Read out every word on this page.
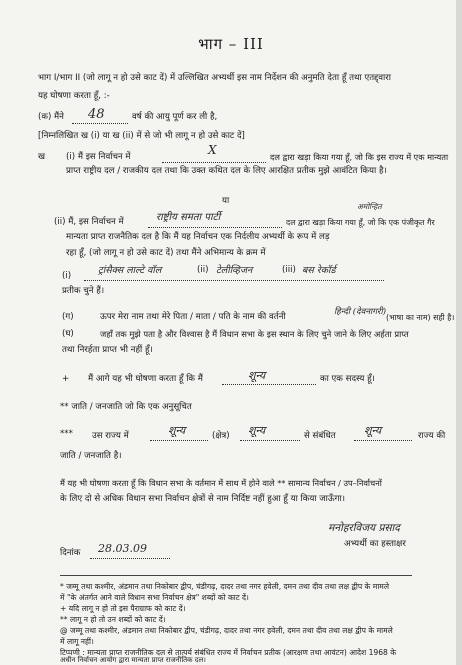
भाग – III
भाग I/भाग II (जो लागू न हो उसे काट दें) में उल्लिखित अभ्यर्थी इस नाम निर्देशन की अनुमति देता हूँ तथा एतद्द्वारा
यह घोषणा करता हूँ, :-
(क) मैंने 48	वर्ष की आयु पूर्ण कर ली है,
[निम्नलिखित ख (i) या ख (ii) में से जो भी लागू न हो उसे काट दें]
ख (i) मैं इस निर्वाचन में	X	दल द्वारा खड़ा किया गया हूँ, जो कि इस राज्य में एक मान्यता
प्राप्त राष्ट्रीय दल / राजकीय दल तथा कि उक्त कथित दल के लिए आरक्षित प्रतीक मुझे आवंटित किया है।
या
अमोन्हित
(ii) मैं, इस निर्वाचन में	राष्ट्रीय समता पार्टी	दल द्वारा खड़ा किया गया हूँ, जो कि एक पंजीकृत गैर
मान्यता प्राप्त राजनैतिक दल है कि मैं यह निर्वाचन एक निर्दलीय अभ्यर्थी के रूप में लड़
रहा हूँ, (जो लागू न हो उसे काट दें) तथा मैंने अभिमान्य के क्रम में
(i)	ट्रांसैक्स लाल्टे वॉल	(ii) टेलीव्हिजन	(iii) बस रेकॉर्ड
प्रतीक चुने हैं।
(ग)	ऊपर मेरा नाम तथा मेरे पिता / माता / पति के नाम की वर्तनी	हिन्दी (देवनागरी)
(भाषा का नाम) सही है।
(घ)	जहाँ तक मुझे पता है और विश्वास है मैं विधान सभा के इस स्थान के लिए चुने जाने के लिए अर्हता प्राप्त
तथा निरर्हता प्राप्त भी नहीं हूँ।
+ मैं आगे यह भी घोषणा करता हूँ कि मैं	शून्य	का एक सदस्य हूँ।
** जाति / जनजाति जो कि एक अनुसूचित
*** उस राज्य में	शून्य	(क्षेत्र) शून्य	से संबंधित	शून्य	राज्य की
जाति / जनजाति है।
मैं यह भी घोषणा करता हूँ कि विधान सभा के वर्तमान में साथ में होने वाले ** सामान्य निर्वाचन / उप–निर्वाचनों
के लिए दो से अधिक विधान सभा निर्वाचन क्षेत्रों से नाम निर्दिष्ट नहीं हुआ हूँ या किया जाऊँगा।
मनोहरविजय प्रसाद
अभ्यर्थी का हस्ताक्षर
दिनांक 28.03.09
* जम्मू तथा कश्मीर, अंडमान तथा निकोबार द्वीप, चंडीगढ़, दादर तथा नगर हवेली, दमन तथा दीव तथा लक्ष द्वीप के मामले
में "के अंतर्गत आने वाले विधान सभा निर्वाचन क्षेत्र" शब्दों को काट दें।
+ यदि लागू न हो तो इस पैराग्राफ को काट दें।
** लागू न हो तो उन शब्दों को काट दें।
@ जम्मू तथा कश्मीर, अंडमान तथा निकोबार द्वीप, चंडीगढ़, दादर तथा नगर हवेली, दमन तथा दीव तथा लक्ष द्वीप के मामले
में लागू नहीं।
टिप्पणी : मान्यता प्राप्त राजनीतिक दल से तात्पर्य संबंधित राज्य में निर्वाचन प्रतीक (आरक्षण तथा आवंटन) आदेश 1968 के
अधीन निर्वाचन आयोग द्वारा मान्यता प्राप्त राजनीतिक दल।
